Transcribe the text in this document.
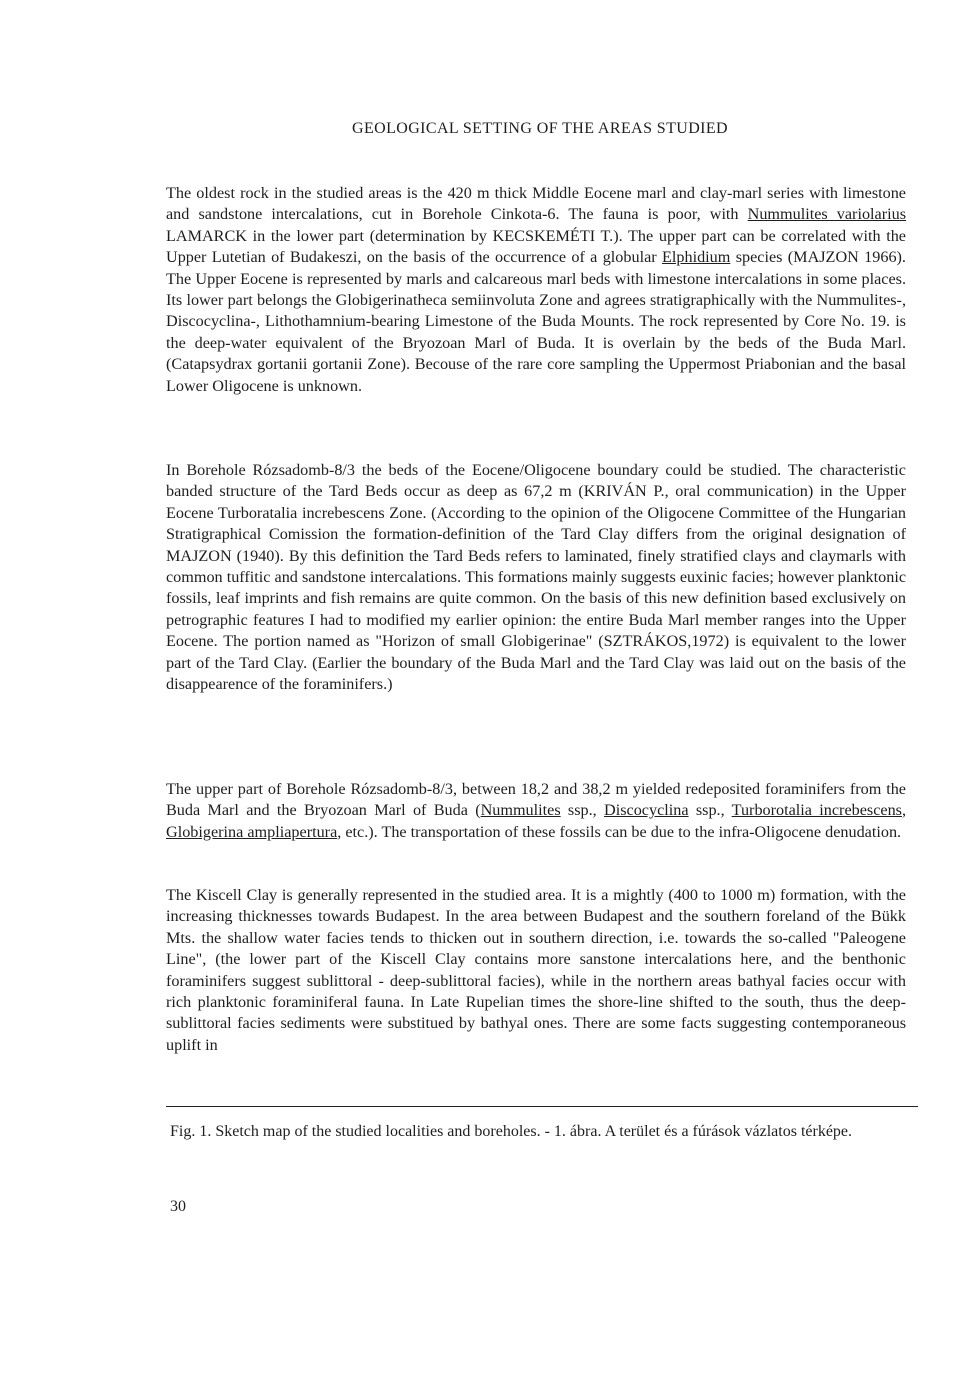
GEOLOGICAL SETTING OF THE AREAS STUDIED

The oldest rock in the studied areas is the 420 m thick Middle Eocene marl and clay-marl series with limestone and sandstone intercalations, cut in Borehole Cinkota-6. The fauna is poor, with Nummulites variolarius LAMARCK in the lower part (determination by KECSKEMÉTI T.). The upper part can be correlated with the Upper Lutetian of Budakeszi, on the basis of the occurrence of a globular Elphidium species (MAJZON 1966). The Upper Eocene is represented by marls and calcareous marl beds with limestone intercalations in some places. Its lower part belongs the Globigerinatheca semiinvoluta Zone and agrees stratigraphically with the Nummulites-, Discocyclina-, Lithothamnium-bearing Limestone of the Buda Mounts. The rock represented by Core No. 19. is the deep-water equivalent of the Bryozoan Marl of Buda. It is overlain by the beds of the Buda Marl. (Catapsydrax gortanii gortanii Zone). Becouse of the rare core sampling the Uppermost Priabonian and the basal Lower Oligocene is unknown.

In Borehole Rózsadomb-8/3 the beds of the Eocene/Oligocene boundary could be studied. The characteristic banded structure of the Tard Beds occur as deep as 67,2 m (KRIVÁN P., oral communication) in the Upper Eocene Turboratalia increbescens Zone. (According to the opinion of the Oligocene Committee of the Hungarian Stratigraphical Comission the formation-definition of the Tard Clay differs from the original designation of MAJZON (1940). By this definition the Tard Beds refers to laminated, finely stratified clays and claymarls with common tuffitic and sandstone intercalations. This formations mainly suggests euxinic facies; however planktonic fossils, leaf imprints and fish remains are quite common. On the basis of this new definition based exclusively on petrographic features I had to modified my earlier opinion: the entire Buda Marl member ranges into the Upper Eocene. The portion named as "Horizon of small Globigerinae" (SZTRÁKOS,1972) is equivalent to the lower part of the Tard Clay. (Earlier the boundary of the Buda Marl and the Tard Clay was laid out on the basis of the disappearence of the foraminifers.)

The upper part of Borehole Rózsadomb-8/3, between 18,2 and 38,2 m yielded redeposited foraminifers from the Buda Marl and the Bryozoan Marl of Buda (Nummulites ssp., Discocyclina ssp., Turborotalia increbescens, Globigerina ampliapertura, etc.). The transportation of these fossils can be due to the infra-Oligocene denudation.

The Kiscell Clay is generally represented in the studied area. It is a mightly (400 to 1000 m) formation, with the increasing thicknesses towards Budapest. In the area between Budapest and the southern foreland of the Bükk Mts. the shallow water facies tends to thicken out in southern direction, i.e. towards the so-called "Paleogene Line", (the lower part of the Kiscell Clay contains more sanstone intercalations here, and the benthonic foraminifers suggest sublittoral - deep-sublittoral facies), while in the northern areas bathyal facies occur with rich planktonic foraminiferal fauna. In Late Rupelian times the shore-line shifted to the south, thus the deep-sublittoral facies sediments were substitued by bathyal ones. There are some facts suggesting contemporaneous uplift in

Fig. 1. Sketch map of the studied localities and boreholes. - 1. ábra. A terület és a fúrások vázlatos térképe.

30
